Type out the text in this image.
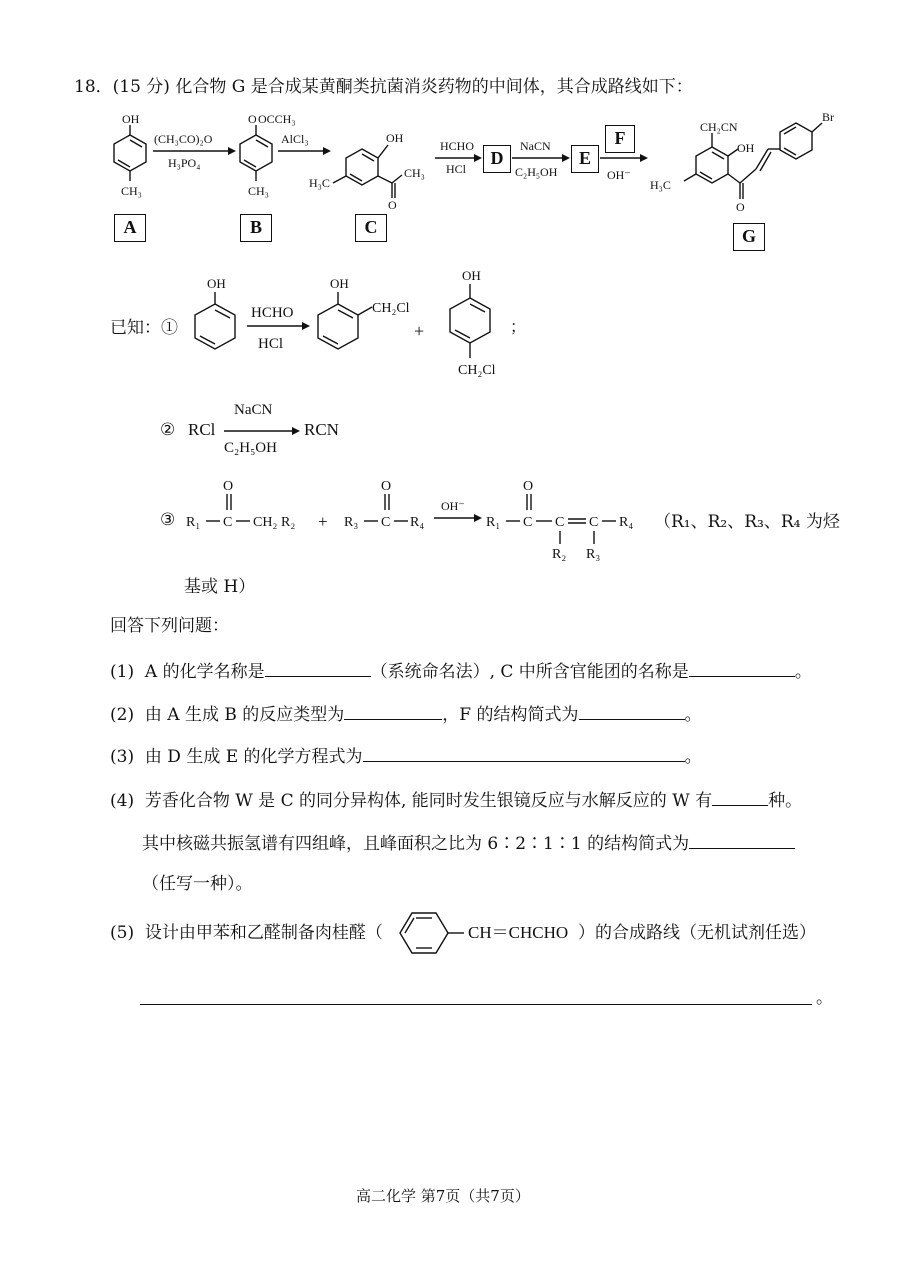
18．(15 分) 化合物 G 是合成某黄酮类抗菌消炎药物的中间体，其合成路线如下：
OH
CH₃
(CH₃CO)₂O
H₃PO₄
O OCCH₃
CH₃
AlCl₃	OH
CH₃
O
H₃C
HCHO
HCl
NaCN
C₂H₅OH	OH⁻
CH₂CN
OH
Br
O
H₃C
A	B	C
D	E
F
G
已知：①
OH
HCHO
HCl
OH
CH₂Cl
+
OH
CH₂Cl
；
② RCl
NaCN
C₂H₅OH
RCN
③ R₁ C
O
CH₂ R₂ + R₃ C
O
R₄
OH⁻
R₁ C
O
C C R₄
R₂ R₃
（R₁、R₂、R₃、R₄ 为烃
基或 H）
回答下列问题：
(1) A 的化学名称是	（系统命名法）, C 中所含官能团的名称是	。
(2) 由 A 生成 B 的反应类型为	，F 的结构简式为	。
(3) 由 D 生成 E 的化学方程式为	。
(4) 芳香化合物 W 是 C 的同分异构体, 能同时发生银镜反应与水解反应的 W 有	种。
其中核磁共振氢谱有四组峰，且峰面积之比为 6∶2∶1∶1 的结构简式为
（任写一种）。
(5) 设计由甲苯和乙醛制备肉桂醛（	CH＝CHCHO ）的合成路线（无机试剂任选）
。
高二化学 第7页（共7页）
